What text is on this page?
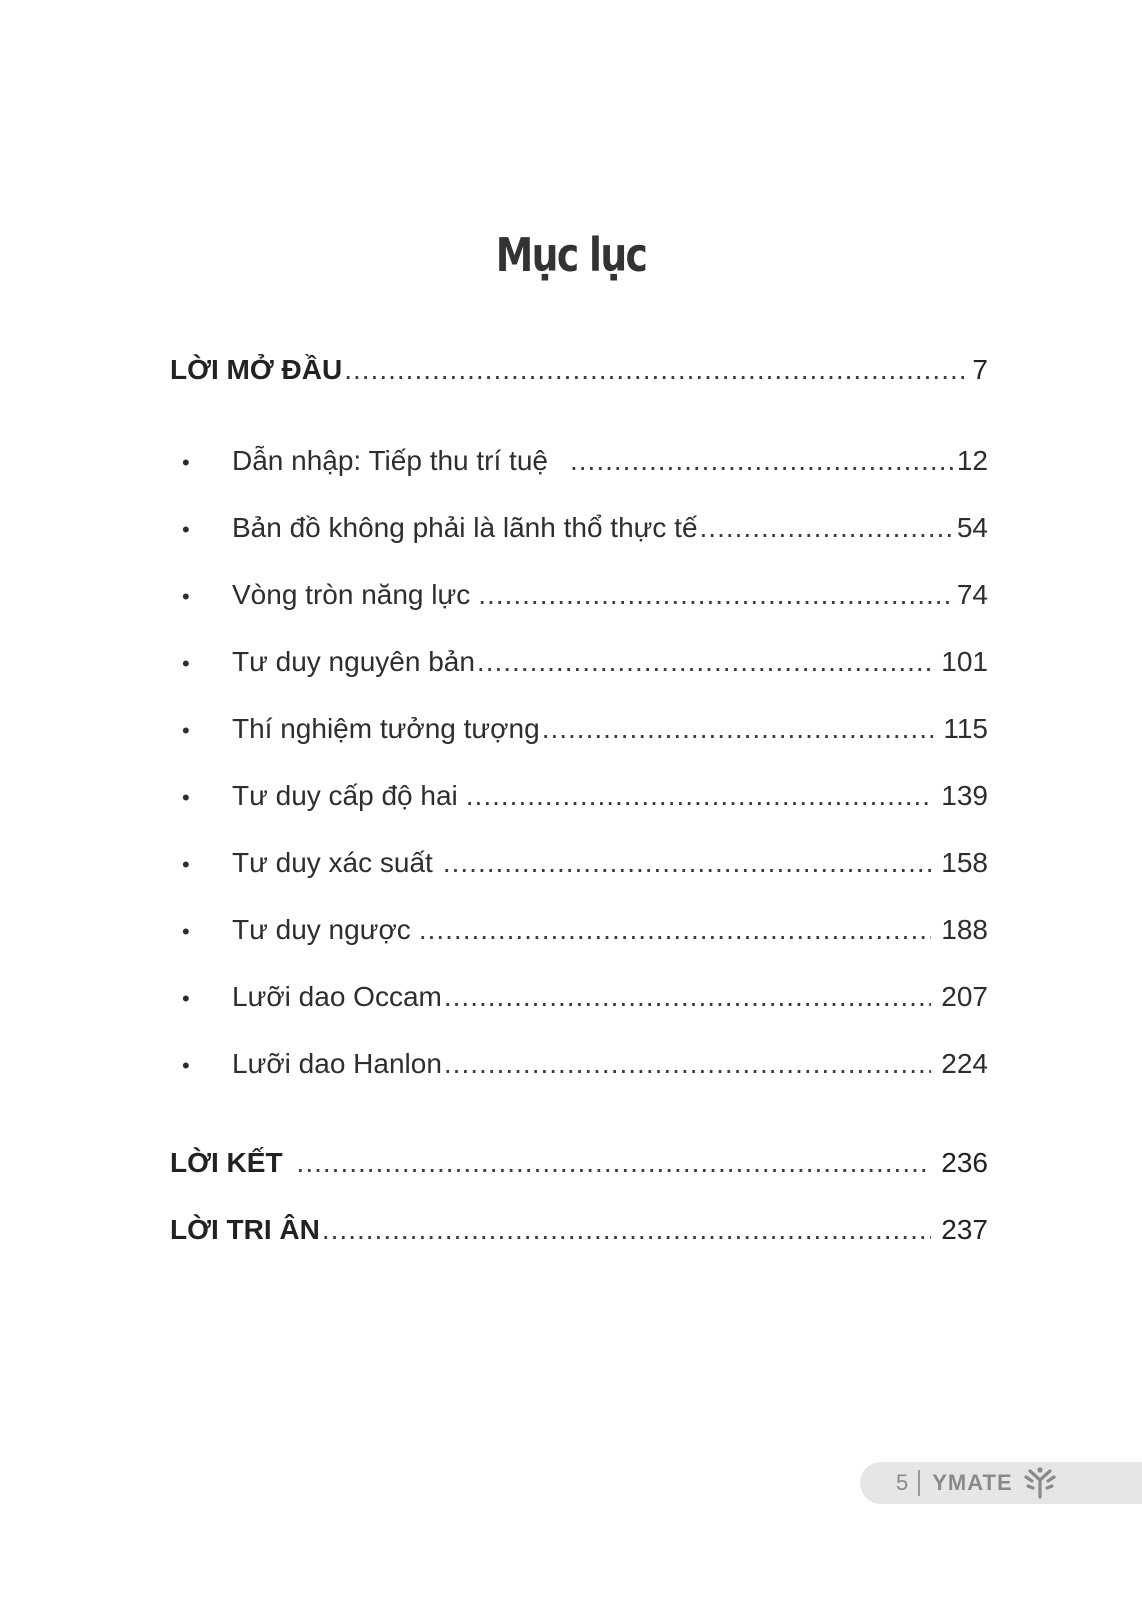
Mục lục
LỜI MỞ ĐẦU .....	7
•	Dẫn nhập: Tiếp thu trí tuệ .....	12
•	Bản đồ không phải là lãnh thổ thực tế .....	54
•	Vòng tròn năng lực .....	74
•	Tư duy nguyên bản .....	101
•	Thí nghiệm tưởng tượng .....	115
•	Tư duy cấp độ hai .....	139
•	Tư duy xác suất .....	158
•	Tư duy ngược .....	188
•	Lưỡi dao Occam .....	207
•	Lưỡi dao Hanlon .....	224
LỜI KẾT .....	236
LỜI TRI ÂN .....	237
5 YMATE
